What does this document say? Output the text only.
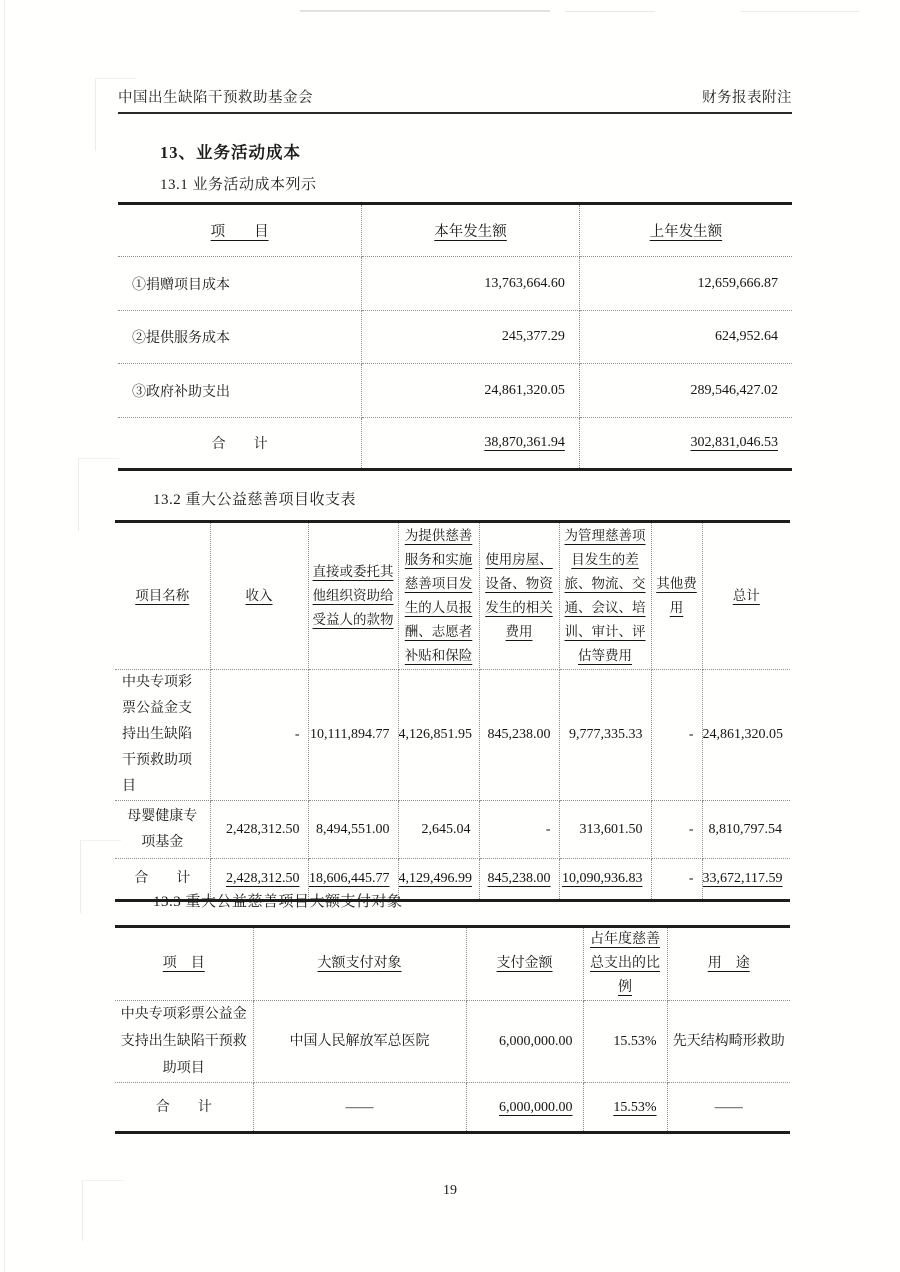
中国出生缺陷干预救助基金会	财务报表附注
13、业务活动成本
13.1 业务活动成本列示
项　　目	本年发生额	上年发生额
①捐赠项目成本	13,763,664.60	12,659,666.87
②提供服务成本	245,377.29	624,952.64
③政府补助支出	24,861,320.05	289,546,427.02
合　　计	38,870,361.94	302,831,046.53
13.2 重大公益慈善项目收支表
项目名称	收入	直接或委托其他组织资助给受益人的款物	为提供慈善服务和实施慈善项目发生的人员报酬、志愿者补贴和保险	使用房屋、设备、物资发生的相关费用	为管理慈善项目发生的差旅、物流、交通、会议、培训、审计、评估等费用	其他费用	总计
中央专项彩票公益金支持出生缺陷干预救助项目	-	10,111,894.77	4,126,851.95	845,238.00	9,777,335.33	-	24,861,320.05
母婴健康专项基金	2,428,312.50	8,494,551.00	2,645.04	-	313,601.50	-	8,810,797.54
合　　计	2,428,312.50	18,606,445.77	4,129,496.99	845,238.00	10,090,936.83	-	33,672,117.59
13.3 重大公益慈善项目大额支付对象
项　目	大额支付对象	支付金额	占年度慈善总支出的比例	用　途
中央专项彩票公益金支持出生缺陷干预救助项目	中国人民解放军总医院	6,000,000.00	15.53%	先天结构畸形救助
合　　计	——	6,000,000.00	15.53%	——
19
